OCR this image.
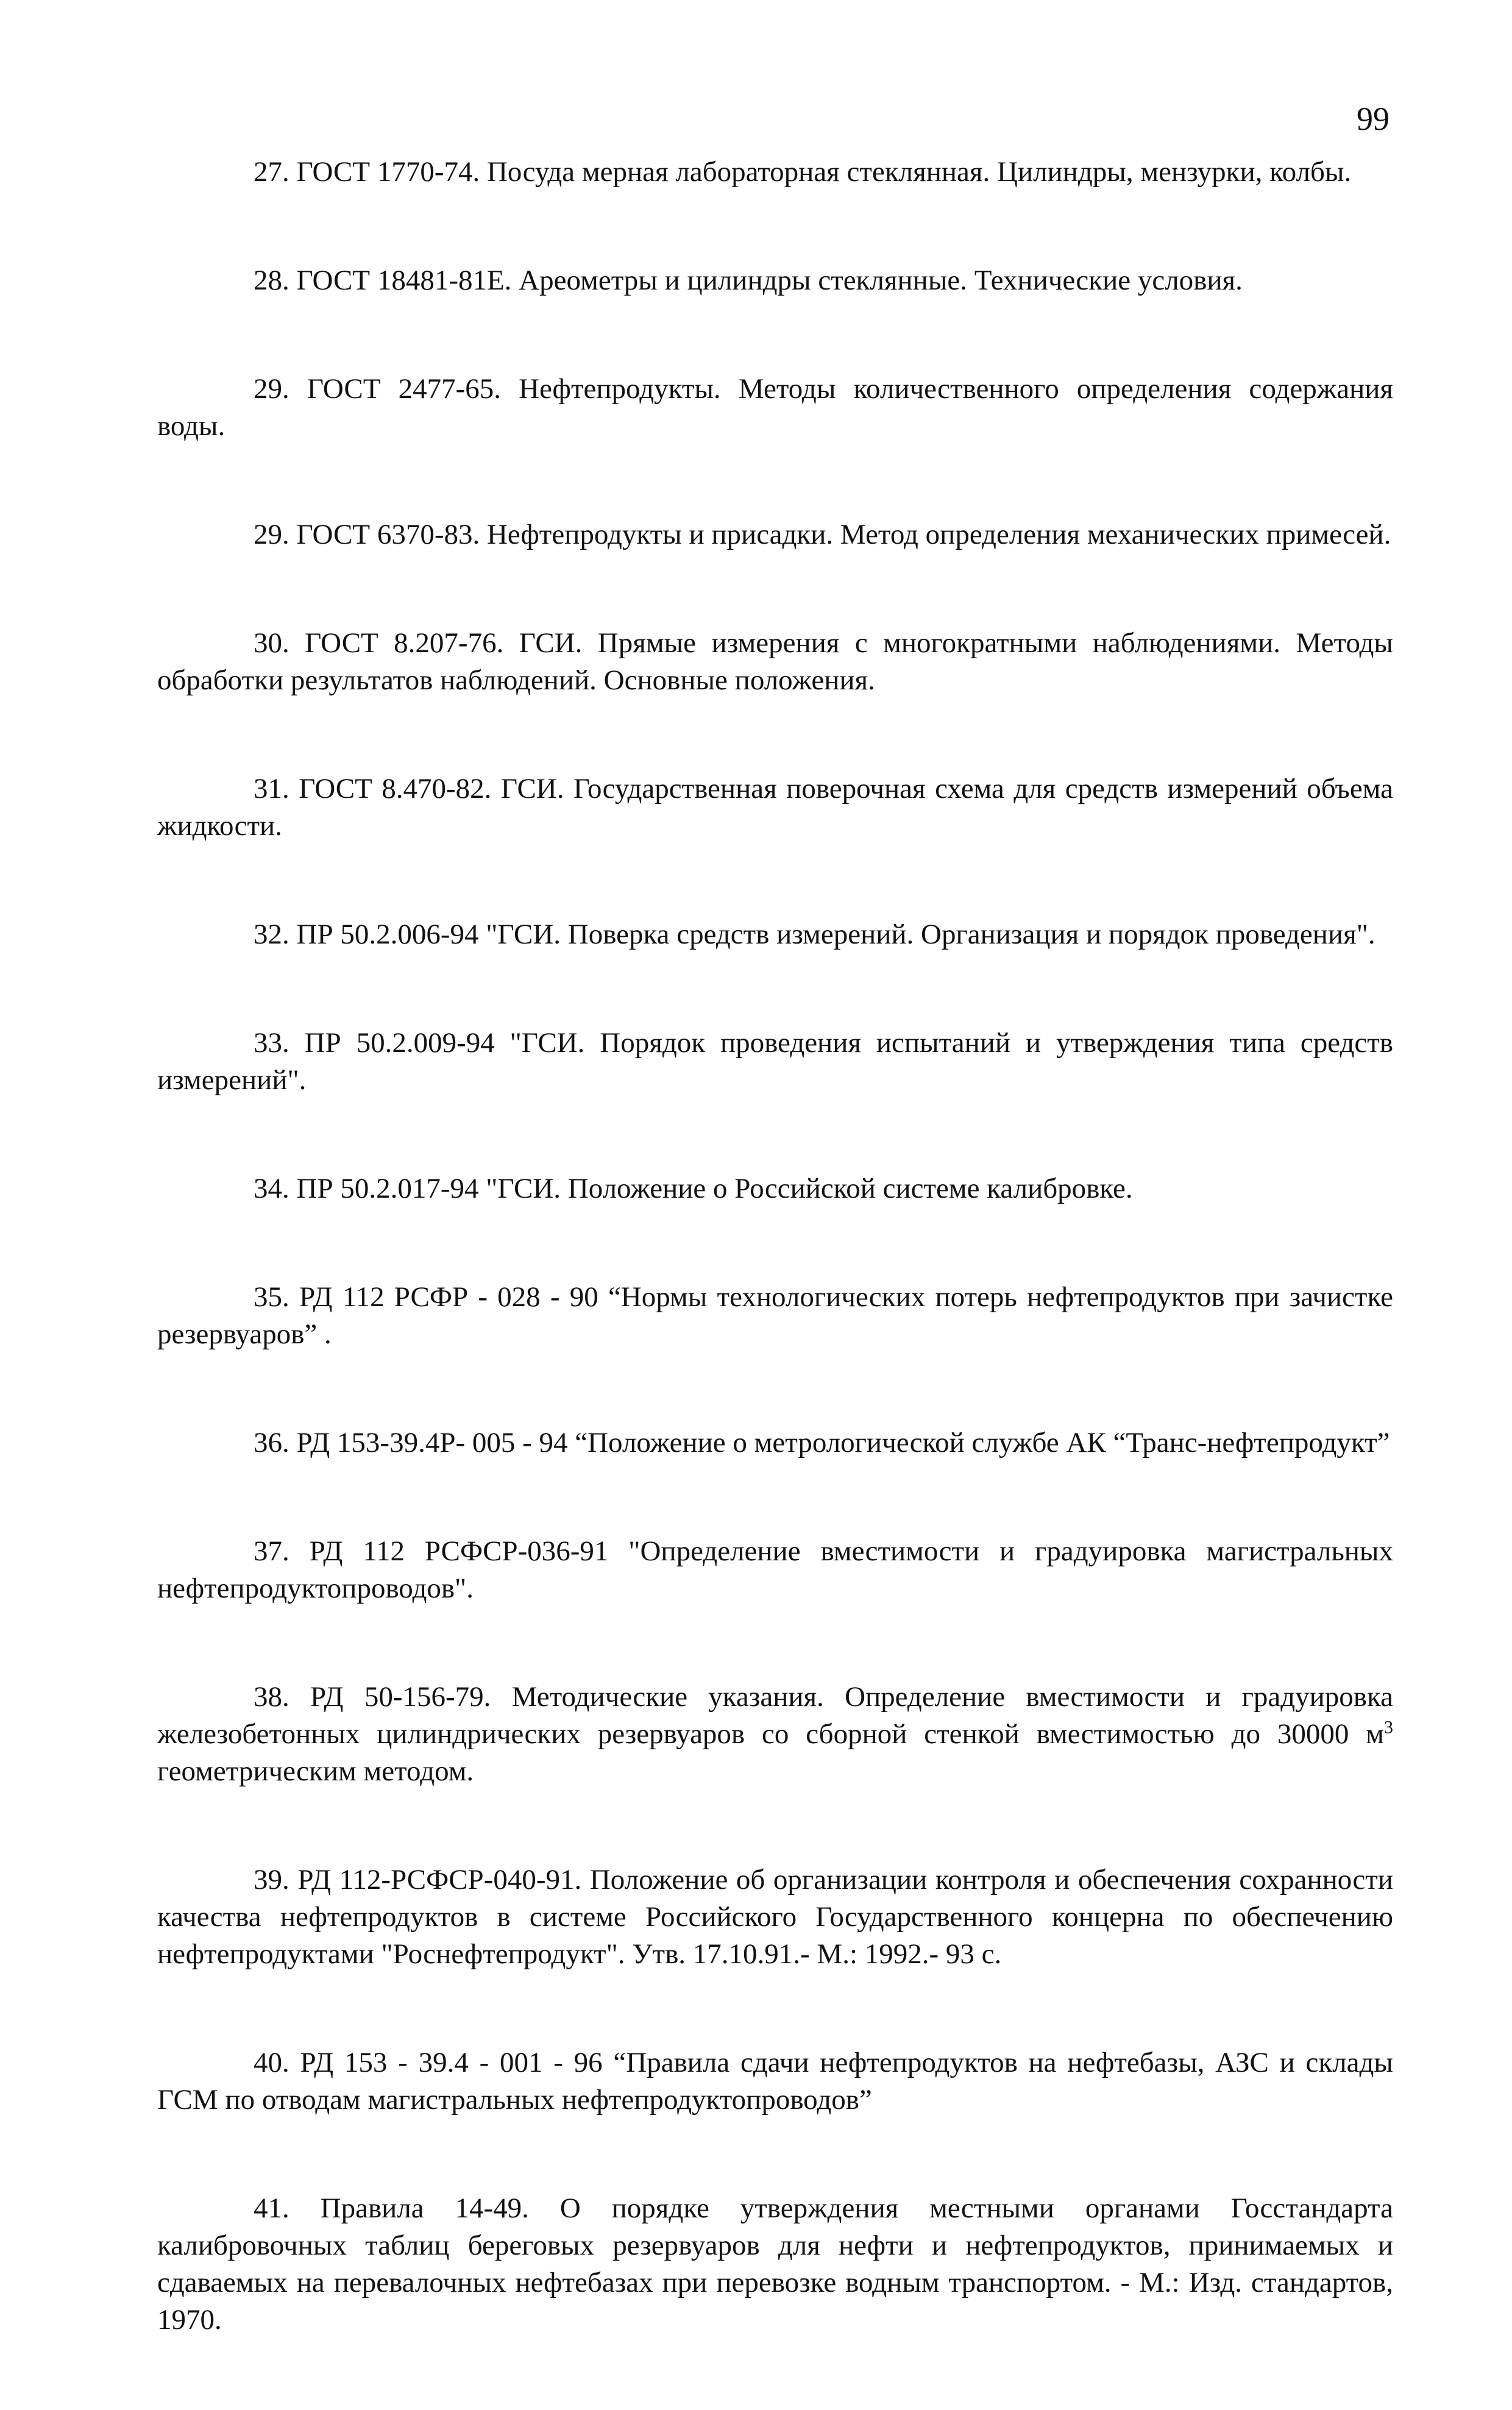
99

27. ГОСТ 1770-74. Посуда мерная лабораторная стеклянная. Цилиндры, мензурки, колбы.

28. ГОСТ 18481-81Е. Ареометры и цилиндры стеклянные. Технические условия.

29. ГОСТ 2477-65. Нефтепродукты. Методы количественного определения содержания воды.

29. ГОСТ 6370-83. Нефтепродукты и присадки. Метод определения механических примесей.

30. ГОСТ 8.207-76. ГСИ. Прямые измерения с многократными наблюдениями. Методы обработки результатов наблюдений. Основные положения.

31. ГОСТ 8.470-82. ГСИ. Государственная поверочная схема для средств измерений объема жидкости.

32. ПР 50.2.006-94 "ГСИ. Поверка средств измерений. Организация и порядок проведения".

33. ПР 50.2.009-94 "ГСИ. Порядок проведения испытаний и утверждения типа средств измерений".

34. ПР 50.2.017-94 "ГСИ. Положение о Российской системе калибровке.

35. РД 112 РСФР - 028 - 90 “Нормы технологических потерь нефтепродуктов при зачистке резервуаров” .

36. РД 153-39.4Р- 005 - 94 “Положение о метрологической службе АК “Транс-нефтепродукт”

37. РД 112 РСФСР-036-91 "Определение вместимости и градуировка магистральных нефтепродуктопроводов".

38. РД 50-156-79. Методические указания. Определение вместимости и градуировка железобетонных цилиндрических резервуаров со сборной стенкой вместимостью до 30000 $м^3$ геометрическим методом.

39. РД 112-РСФСР-040-91. Положение об организации контроля и обеспечения сохранности качества нефтепродуктов в системе Российского Государственного концерна по обеспечению нефтепродуктами "Роснефтепродукт". Утв. 17.10.91.- М.: 1992.- 93 с.

40. РД 153 - 39.4 - 001 - 96 “Правила сдачи нефтепродуктов на нефтебазы, АЗС и склады ГСМ по отводам магистральных нефтепродуктопроводов”

41. Правила 14-49. О порядке утверждения местными органами Госстандарта калибровочных таблиц береговых резервуаров для нефти и нефтепродуктов, принимаемых и сдаваемых на перевалочных нефтебазах при перевозке водным транспортом. - М.: Изд. стандартов, 1970.
